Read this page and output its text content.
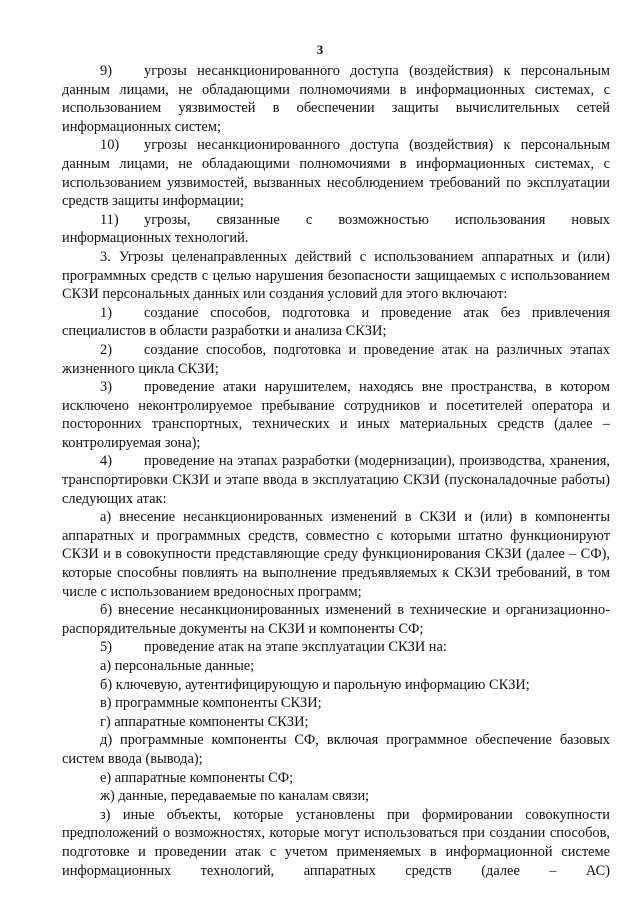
3

9) угрозы несанкционированного доступа (воздействия) к персональным данным лицами, не обладающими полномочиями в информационных системах, с использованием уязвимостей в обеспечении защиты вычислительных сетей информационных систем;

10) угрозы несанкционированного доступа (воздействия) к персональным данным лицами, не обладающими полномочиями в информационных системах, с использованием уязвимостей, вызванных несоблюдением требований по эксплуатации средств защиты информации;

11) угрозы, связанные с возможностью использования новых информационных технологий.

3. Угрозы целенаправленных действий с использованием аппаратных и (или) программных средств с целью нарушения безопасности защищаемых с использованием СКЗИ персональных данных или создания условий для этого включают:

1) создание способов, подготовка и проведение атак без привлечения специалистов в области разработки и анализа СКЗИ;

2) создание способов, подготовка и проведение атак на различных этапах жизненного цикла СКЗИ;

3) проведение атаки нарушителем, находясь вне пространства, в котором исключено неконтролируемое пребывание сотрудников и посетителей оператора и посторонних транспортных, технических и иных материальных средств (далее – контролируемая зона);

4) проведение на этапах разработки (модернизации), производства, хранения, транспортировки СКЗИ и этапе ввода в эксплуатацию СКЗИ (пусконаладочные работы) следующих атак:

а) внесение несанкционированных изменений в СКЗИ и (или) в компоненты аппаратных и программных средств, совместно с которыми штатно функционируют СКЗИ и в совокупности представляющие среду функционирования СКЗИ (далее – СФ), которые способны повлиять на выполнение предъявляемых к СКЗИ требований, в том числе с использованием вредоносных программ;

б) внесение несанкционированных изменений в технические и организационно-распорядительные документы на СКЗИ и компоненты СФ;

5) проведение атак на этапе эксплуатации СКЗИ на:

а) персональные данные;

б) ключевую, аутентифицирующую и парольную информацию СКЗИ;

в) программные компоненты СКЗИ;

г) аппаратные компоненты СКЗИ;

д) программные компоненты СФ, включая программное обеспечение базовых систем ввода (вывода);

е) аппаратные компоненты СФ;

ж) данные, передаваемые по каналам связи;

з) иные объекты, которые установлены при формировании совокупности предположений о возможностях, которые могут использоваться при создании способов, подготовке и проведении атак с учетом применяемых в информационной системе информационных технологий, аппаратных средств (далее – АС)
